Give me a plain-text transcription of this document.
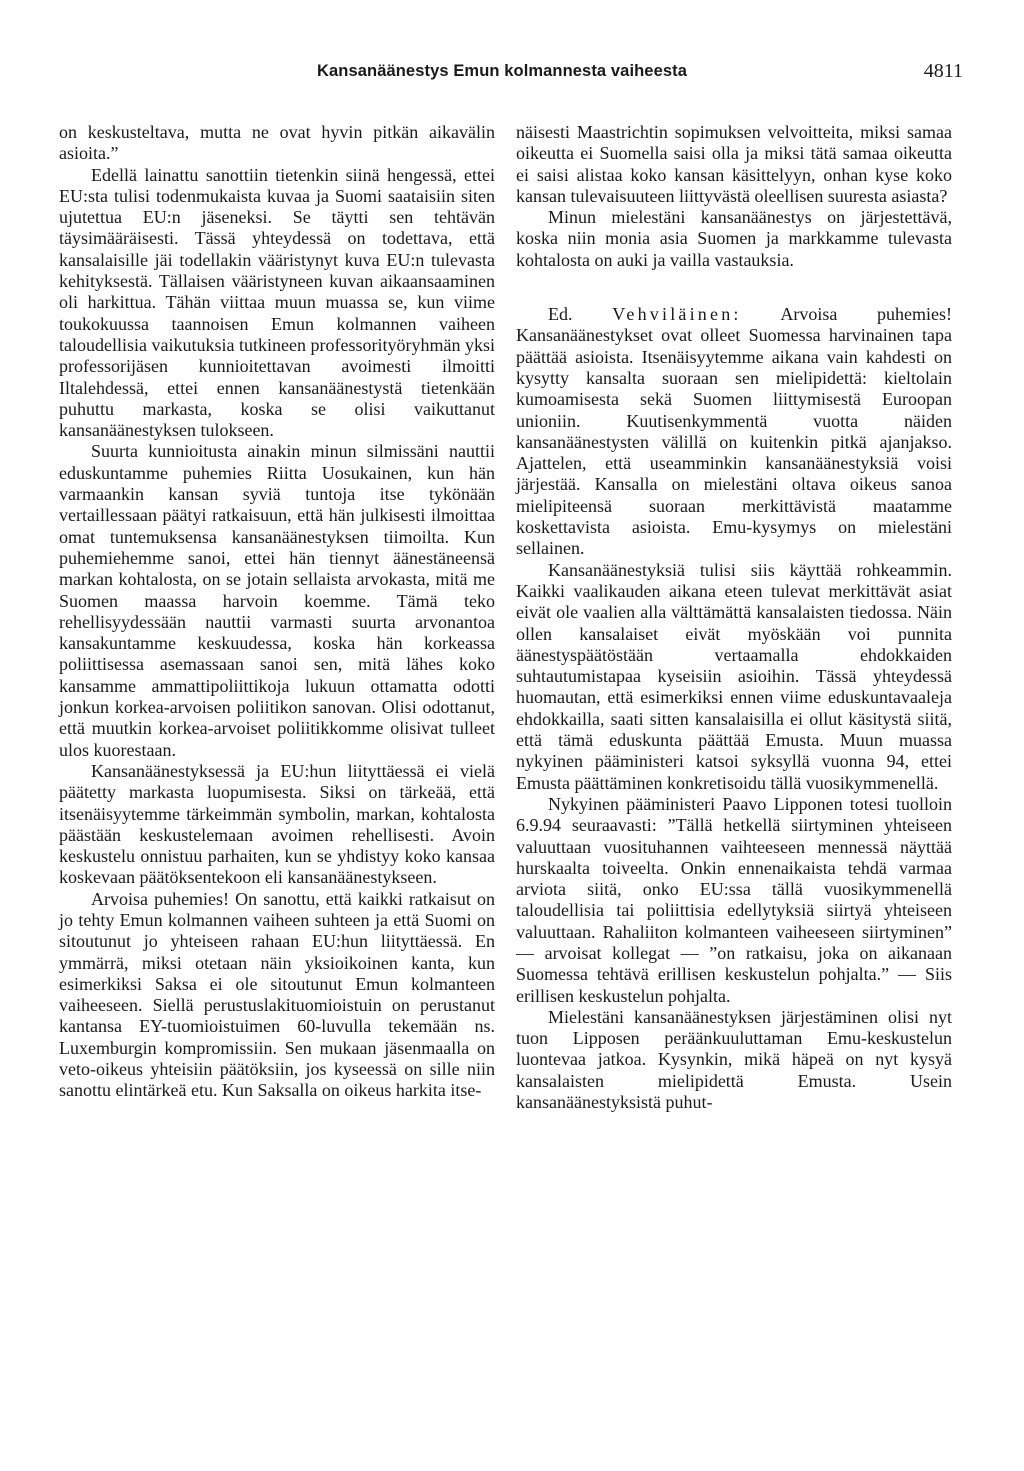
Kansanäänestys Emun kolmannesta vaiheesta	4811

on keskusteltava, mutta ne ovat hyvin pitkän aikavälin asioita.”

Edellä lainattu sanottiin tietenkin siinä hengessä, ettei EU:sta tulisi todenmukaista kuvaa ja Suomi saataisiin siten ujutettua EU:n jäseneksi. Se täytti sen tehtävän täysimääräisesti. Tässä yhteydessä on todettava, että kansalaisille jäi todellakin vääristynyt kuva EU:n tulevasta kehityksestä. Tällaisen vääristyneen kuvan aikaansaaminen oli harkittua. Tähän viittaa muun muassa se, kun viime toukokuussa taannoisen Emun kolmannen vaiheen taloudellisia vaikutuksia tutkineen professorityöryhmän yksi professorijäsen kunnioitettavan avoimesti ilmoitti Iltalehdessä, ettei ennen kansanäänestystä tietenkään puhuttu markasta, koska se olisi vaikuttanut kansanäänestyksen tulokseen.

Suurta kunnioitusta ainakin minun silmissäni nauttii eduskuntamme puhemies Riitta Uosukainen, kun hän varmaankin kansan syviä tuntoja itse tykönään vertaillessaan päätyi ratkaisuun, että hän julkisesti ilmoittaa omat tuntemuksensa kansanäänestyksen tiimoilta. Kun puhemiehemme sanoi, ettei hän tiennyt äänestäneensä markan kohtalosta, on se jotain sellaista arvokasta, mitä me Suomen maassa harvoin koemme. Tämä teko rehellisyydessään nauttii varmasti suurta arvonantoa kansakuntamme keskuudessa, koska hän korkeassa poliittisessa asemassaan sanoi sen, mitä lähes koko kansamme ammattipoliittikoja lukuun ottamatta odotti jonkun korkea-arvoisen poliitikon sanovan. Olisi odottanut, että muutkin korkea-arvoiset poliitikkomme olisivat tulleet ulos kuorestaan.

Kansanäänestyksessä ja EU:hun liityttäessä ei vielä päätetty markasta luopumisesta. Siksi on tärkeää, että itsenäisyytemme tärkeimmän symbolin, markan, kohtalosta päästään keskustelemaan avoimen rehellisesti. Avoin keskustelu onnistuu parhaiten, kun se yhdistyy koko kansaa koskevaan päätöksentekoon eli kansanäänestykseen.

Arvoisa puhemies! On sanottu, että kaikki ratkaisut on jo tehty Emun kolmannen vaiheen suhteen ja että Suomi on sitoutunut jo yhteiseen rahaan EU:hun liityttäessä. En ymmärrä, miksi otetaan näin yksioikoinen kanta, kun esimerkiksi Saksa ei ole sitoutunut Emun kolmanteen vaiheeseen. Siellä perustuslakituomioistuin on perustanut kantansa EY-tuomioistuimen 60-luvulla tekemään ns. Luxemburgin kompromissiin. Sen mukaan jäsenmaalla on veto-oikeus yhteisiin päätöksiin, jos kyseessä on sille niin sanottu elintärkeä etu. Kun Saksalla on oikeus harkita itse-

näisesti Maastrichtin sopimuksen velvoitteita, miksi samaa oikeutta ei Suomella saisi olla ja miksi tätä samaa oikeutta ei saisi alistaa koko kansan käsittelyyn, onhan kyse koko kansan tulevaisuuteen liittyvästä oleellisen suuresta asiasta?

Minun mielestäni kansanäänestys on järjestettävä, koska niin monia asia Suomen ja markkamme tulevasta kohtalosta on auki ja vailla vastauksia.

Ed. Vehviläinen: Arvoisa puhemies! Kansanäänestykset ovat olleet Suomessa harvinainen tapa päättää asioista. Itsenäisyytemme aikana vain kahdesti on kysytty kansalta suoraan sen mielipidettä: kieltolain kumoamisesta sekä Suomen liittymisestä Euroopan unioniin. Kuutisenkymmentä vuotta näiden kansanäänestysten välillä on kuitenkin pitkä ajanjakso. Ajattelen, että useamminkin kansanäänestyksiä voisi järjestää. Kansalla on mielestäni oltava oikeus sanoa mielipiteensä suoraan merkittävistä maatamme koskettavista asioista. Emu-kysymys on mielestäni sellainen.

Kansanäänestyksiä tulisi siis käyttää rohkeammin. Kaikki vaalikauden aikana eteen tulevat merkittävät asiat eivät ole vaalien alla välttämättä kansalaisten tiedossa. Näin ollen kansalaiset eivät myöskään voi punnita äänestyspäätöstään vertaamalla ehdokkaiden suhtautumistapaa kyseisiin asioihin. Tässä yhteydessä huomautan, että esimerkiksi ennen viime eduskuntavaaleja ehdokkailla, saati sitten kansalaisilla ei ollut käsitystä siitä, että tämä eduskunta päättää Emusta. Muun muassa nykyinen pääministeri katsoi syksyllä vuonna 94, ettei Emusta päättäminen konkretisoidu tällä vuosikymmenellä.

Nykyinen pääministeri Paavo Lipponen totesi tuolloin 6.9.94 seuraavasti: ”Tällä hetkellä siirtyminen yhteiseen valuuttaan vuosituhannen vaihteeseen mennessä näyttää hurskaalta toiveelta. Onkin ennenaikaista tehdä varmaa arviota siitä, onko EU:ssa tällä vuosikymmenellä taloudellisia tai poliittisia edellytyksiä siirtyä yhteiseen valuuttaan. Rahaliiton kolmanteen vaiheeseen siirtyminen” — arvoisat kollegat — ”on ratkaisu, joka on aikanaan Suomessa tehtävä erillisen keskustelun pohjalta.” — Siis erillisen keskustelun pohjalta.

Mielestäni kansanäänestyksen järjestäminen olisi nyt tuon Lipposen peräänkuuluttaman Emu-keskustelun luontevaa jatkoa. Kysynkin, mikä häpeä on nyt kysyä kansalaisten mielipidettä Emusta. Usein kansanäänestyksistä puhut-
